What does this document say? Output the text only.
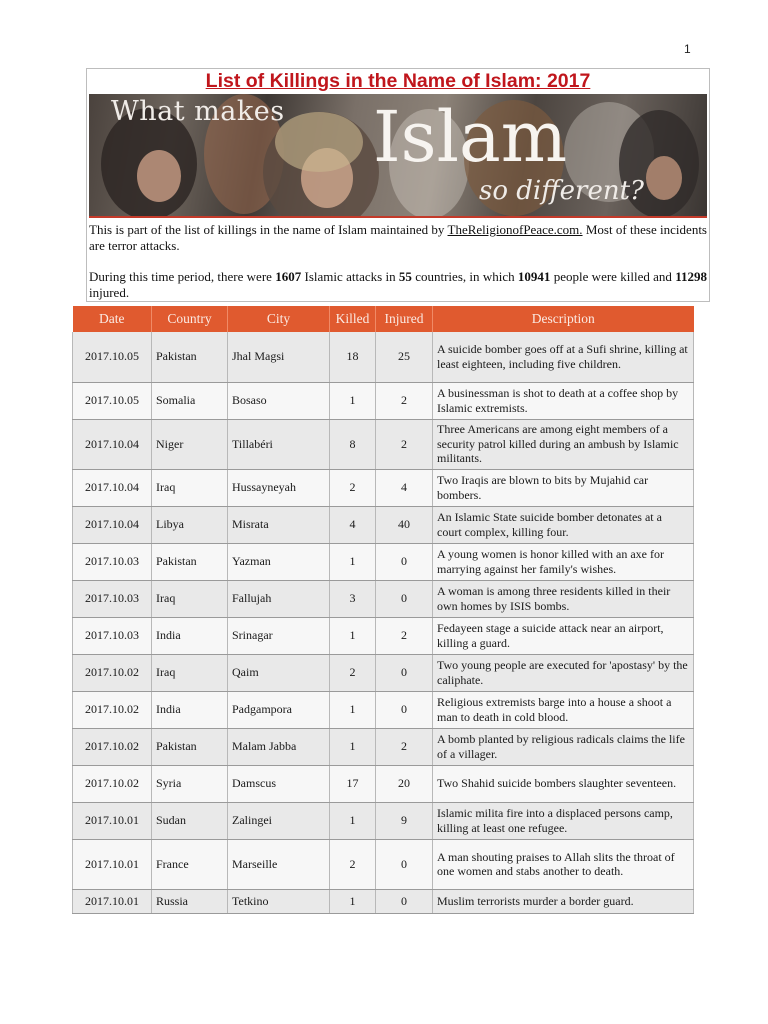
1
List of Killings in the Name of Islam: 2017
What makes Islam
so different?

This is part of the list of killings in the name of Islam maintained by TheReligionofPeace.com. Most of these incidents are terror attacks.

During this time period, there were 1607 Islamic attacks in 55 countries, in which 10941 people were killed and 11298 injured.

Date	Country	City	Killed	Injured	Description
2017.10.05	Pakistan	Jhal Magsi	18	25	A suicide bomber goes off at a Sufi shrine, killing at least eighteen, including five children.
2017.10.05	Somalia	Bosaso	1	2	A businessman is shot to death at a coffee shop by Islamic extremists.
2017.10.04	Niger	Tillabéri	8	2	Three Americans are among eight members of a security patrol killed during an ambush by Islamic militants.
2017.10.04	Iraq	Hussayneyah	2	4	Two Iraqis are blown to bits by Mujahid car bombers.
2017.10.04	Libya	Misrata	4	40	An Islamic State suicide bomber detonates at a court complex, killing four.
2017.10.03	Pakistan	Yazman	1	0	A young women is honor killed with an axe for marrying against her family's wishes.
2017.10.03	Iraq	Fallujah	3	0	A woman is among three residents killed in their own homes by ISIS bombs.
2017.10.03	India	Srinagar	1	2	Fedayeen stage a suicide attack near an airport, killing a guard.
2017.10.02	Iraq	Qaim	2	0	Two young people are executed for 'apostasy' by the caliphate.
2017.10.02	India	Padgampora	1	0	Religious extremists barge into a house a shoot a man to death in cold blood.
2017.10.02	Pakistan	Malam Jabba	1	2	A bomb planted by religious radicals claims the life of a villager.
2017.10.02	Syria	Damscus	17	20	Two Shahid suicide bombers slaughter seventeen.
2017.10.01	Sudan	Zalingei	1	9	Islamic milita fire into a displaced persons camp, killing at least one refugee.
2017.10.01	France	Marseille	2	0	A man shouting praises to Allah slits the throat of one women and stabs another to death.
2017.10.01	Russia	Tetkino	1	0	Muslim terrorists murder a border guard.
